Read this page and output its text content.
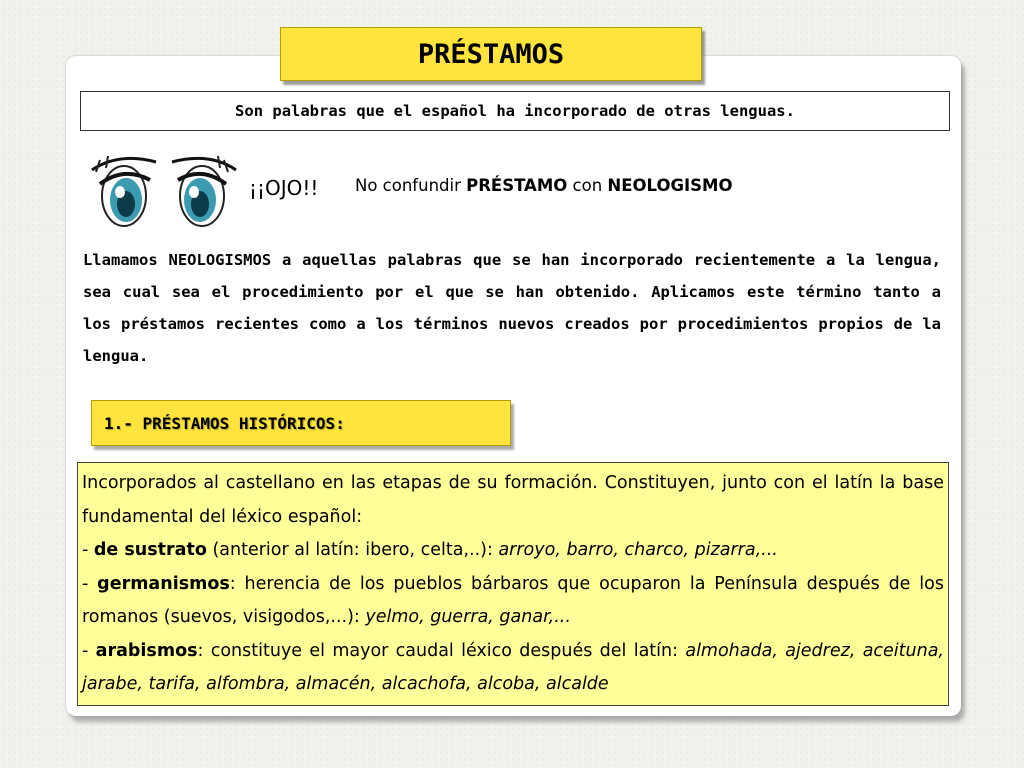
PRÉSTAMOS
Son palabras que el español ha incorporado de otras lenguas.
¡¡OJO!! No confundir PRÉSTAMO con NEOLOGISMO
Llamamos NEOLOGISMOS a aquellas palabras que se han incorporado recientemente a la lengua, sea cual sea el procedimiento por el que se han obtenido. Aplicamos este término tanto a los préstamos recientes como a los términos nuevos creados por procedimientos propios de la lengua.
1.- PRÉSTAMOS HISTÓRICOS:

Incorporados al castellano en las etapas de su formación. Constituyen, junto con el latín la base fundamental del léxico español:

- de sustrato (anterior al latín: ibero, celta,..): arroyo, barro, charco, pizarra,...

- germanismos: herencia de los pueblos bárbaros que ocuparon la Península después de los romanos (suevos, visigodos,...): yelmo, guerra, ganar,...

- arabismos: constituye el mayor caudal léxico después del latín: almohada, ajedrez, aceituna, jarabe, tarifa, alfombra, almacén, alcachofa, alcoba, alcalde
